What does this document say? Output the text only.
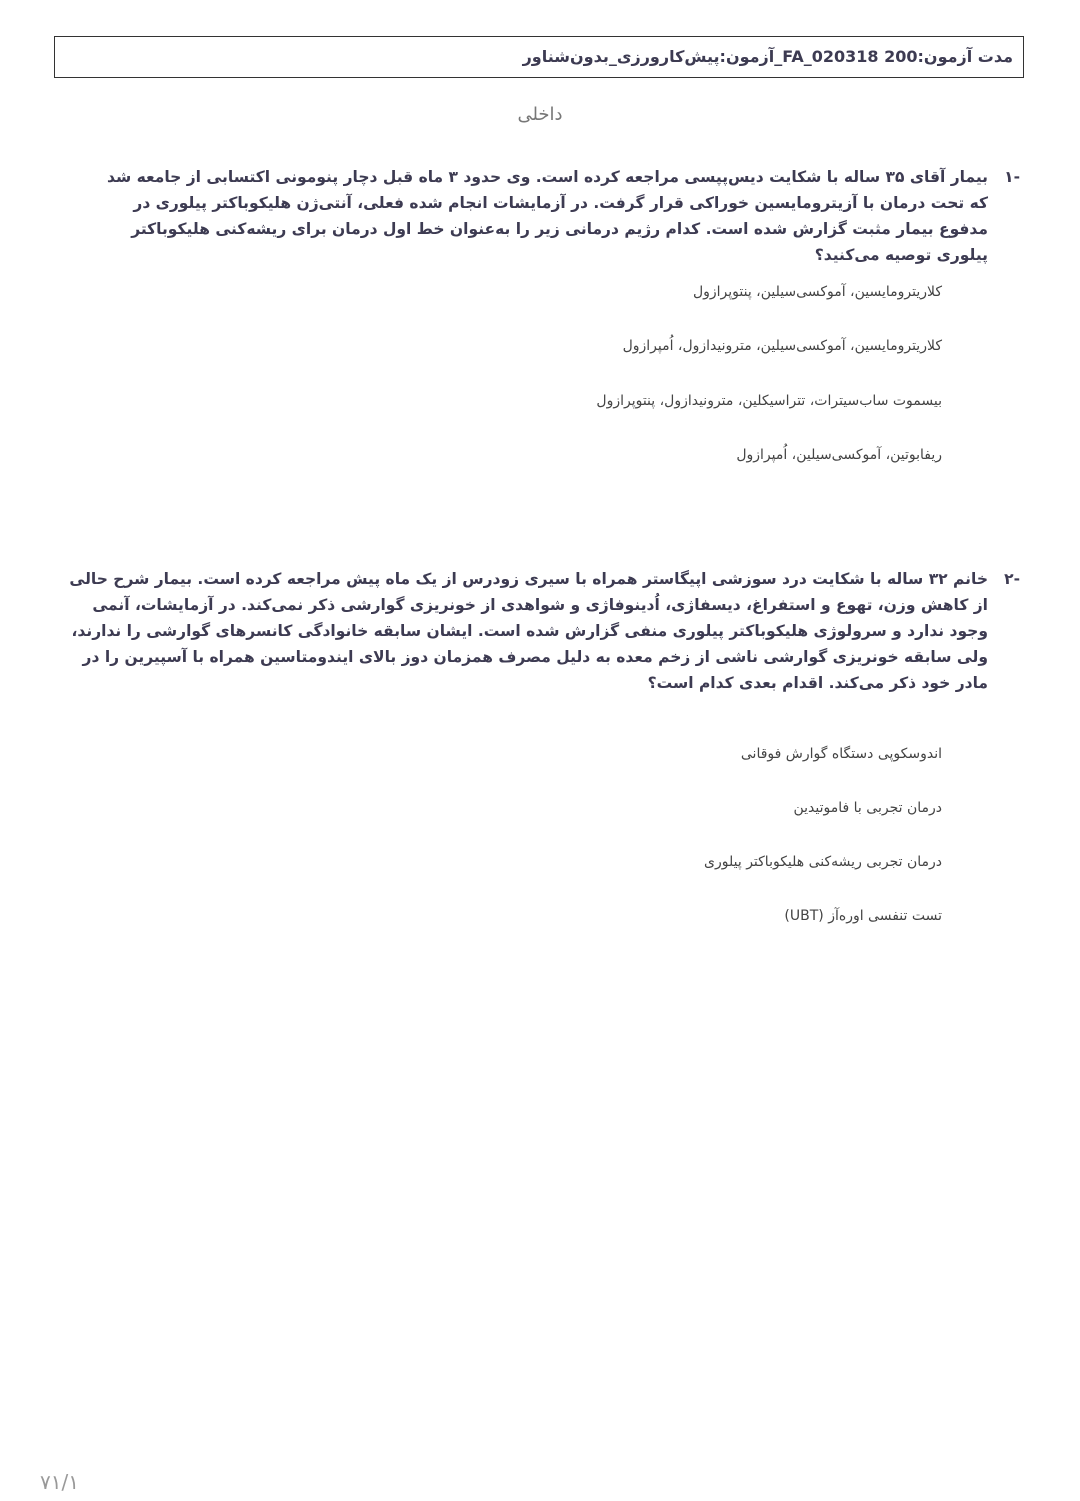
مدت آزمون:200 FA_020318_آزمون:پیش‌کارورزی_بدون‌شناور
داخلی
-۱
بیمار آقای ۳۵ ساله با شکایت دیس‌پپسی مراجعه کرده است. وی حدود ۳ ماه قبل دچار پنومونی اکتسابی از جامعه شد که تحت درمان با آزیترومایسین خوراکی قرار گرفت. در آزمایشات انجام شده فعلی، آنتی‌ژن هلیکوباکتر پیلوری در مدفوع بیمار مثبت گزارش شده است. کدام رژیم درمانی زیر را به‌عنوان خط اول درمان برای ریشه‌کنی هلیکوباکتر پیلوری توصیه می‌کنید؟
کلاریترومایسین، آموکسی‌سیلین، پنتوپرازول
کلاریترومایسین، آموکسی‌سیلین، مترونیدازول، اُمپرازول
بیسموت ساب‌سیترات، تتراسیکلین، مترونیدازول، پنتوپرازول
ریفابوتین، آموکسی‌سیلین، اُمپرازول
-۲
خانم ۳۲ ساله با شکایت درد سوزشی اپیگاستر همراه با سیری زودرس از یک ماه پیش مراجعه کرده است. بیمار شرح حالی از کاهش وزن، تهوع و استفراغ، دیسفاژی، اُدینوفاژی و شواهدی از خونریزی گوارشی ذکر نمی‌کند. در آزمایشات، آنمی وجود ندارد و سرولوژی هلیکوباکتر پیلوری منفی گزارش شده است. ایشان سابقه خانوادگی کانسرهای گوارشی را ندارند، ولی سابقه خونریزی گوارشی ناشی از زخم معده به دلیل مصرف همزمان دوز بالای ایندومتاسین همراه با آسپیرین را در مادر خود ذکر می‌کند. اقدام بعدی کدام است؟
اندوسکوپی دستگاه گوارش فوقانی
درمان تجربی با فاموتیدین
درمان تجربی ریشه‌کنی هلیکوباکتر پیلوری
تست تنفسی اوره‌آز (UBT)
۷۱/۱
